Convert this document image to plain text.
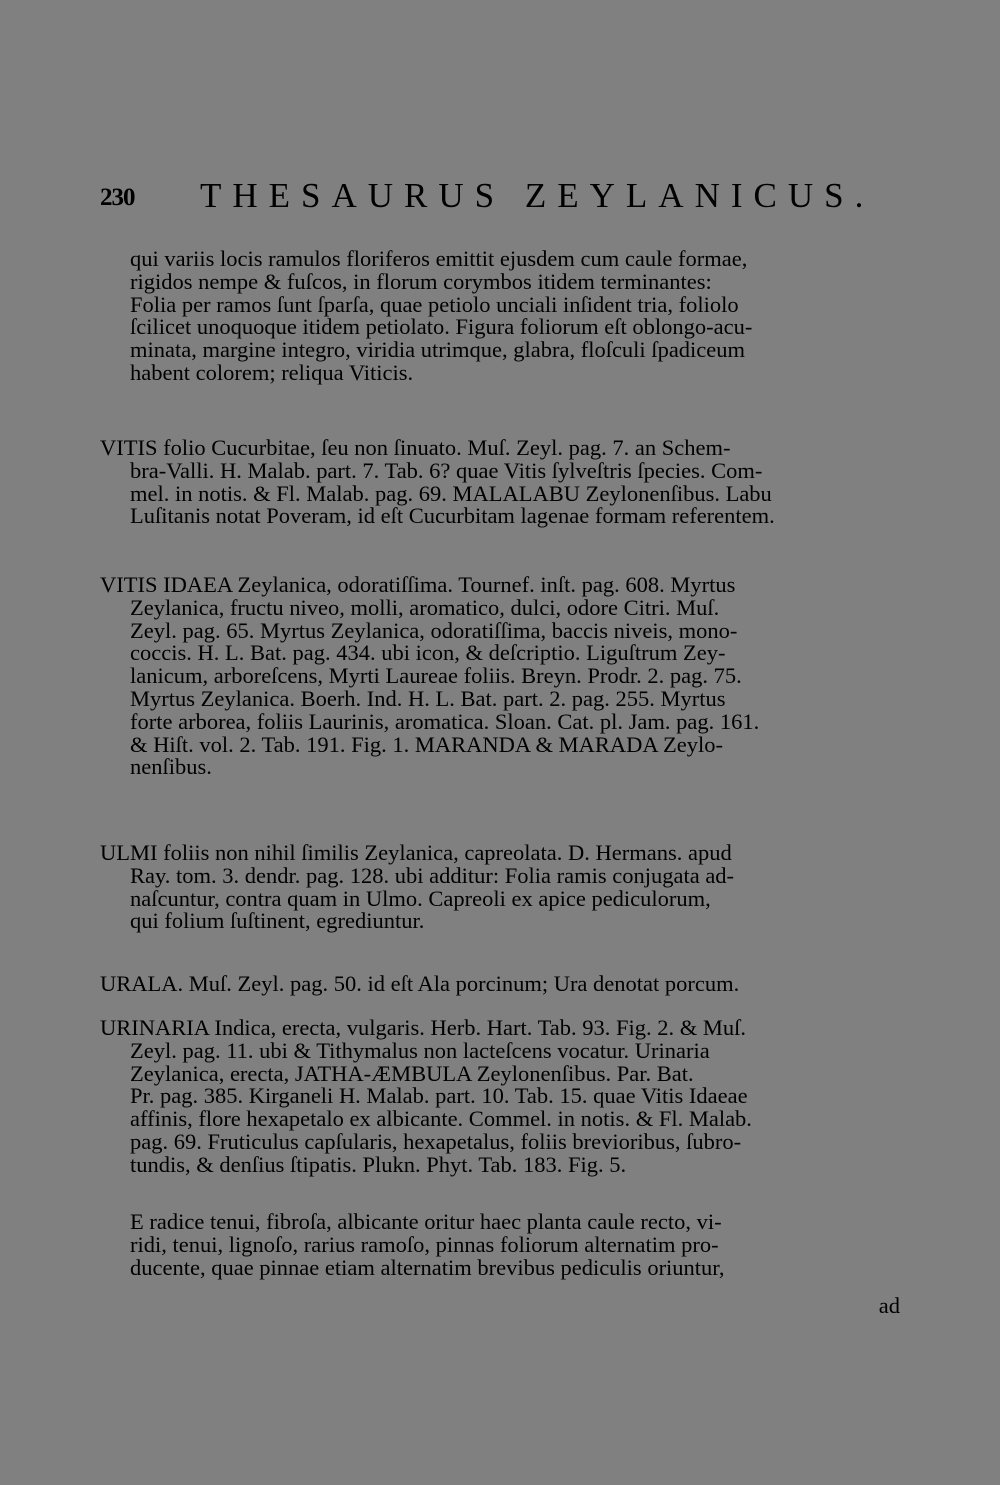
230 THESAURUS ZEYLANICUS.
qui variis locis ramulos floriferos emittit ejusdem cum caule formae,
rigidos nempe & fuſcos, in florum corymbos itidem terminantes:
Folia per ramos ſunt ſparſa, quae petiolo unciali inſident tria, foliolo
ſcilicet unoquoque itidem petiolato. Figura foliorum eſt oblongo-acu-
minata, margine integro, viridia utrimque, glabra, floſculi ſpadiceum
habent colorem; reliqua Viticis.
VITIS folio Cucurbitae, ſeu non ſinuato. Muſ. Zeyl. pag. 7. an Schem-
bra-Valli. H. Malab. part. 7. Tab. 6? quae Vitis ſylveſtris ſpecies. Com-
mel. in notis. & Fl. Malab. pag. 69. MALALABU Zeylonenſibus. Labu
Luſitanis notat Poveram, id eſt Cucurbitam lagenae formam referentem.
VITIS IDAEA Zeylanica, odoratiſſima. Tournef. inſt. pag. 608. Myrtus
Zeylanica, fructu niveo, molli, aromatico, dulci, odore Citri. Muſ.
Zeyl. pag. 65. Myrtus Zeylanica, odoratiſſima, baccis niveis, mono-
coccis. H. L. Bat. pag. 434. ubi icon, & deſcriptio. Liguſtrum Zey-
lanicum, arboreſcens, Myrti Laureae foliis. Breyn. Prodr. 2. pag. 75.
Myrtus Zeylanica. Boerh. Ind. H. L. Bat. part. 2. pag. 255. Myrtus
forte arborea, foliis Laurinis, aromatica. Sloan. Cat. pl. Jam. pag. 161.
& Hiſt. vol. 2. Tab. 191. Fig. 1. MARANDA & MARADA Zeylo-
nenſibus.
ULMI foliis non nihil ſimilis Zeylanica, capreolata. D. Hermans. apud
Ray. tom. 3. dendr. pag. 128. ubi additur: Folia ramis conjugata ad-
naſcuntur, contra quam in Ulmo. Capreoli ex apice pediculorum,
qui folium ſuſtinent, egrediuntur.
URALA. Muſ. Zeyl. pag. 50. id eſt Ala porcinum; Ura denotat porcum.
URINARIA Indica, erecta, vulgaris. Herb. Hart. Tab. 93. Fig. 2. & Muſ.
Zeyl. pag. 11. ubi & Tithymalus non lacteſcens vocatur. Urinaria
Zeylanica, erecta, JATHA-ÆMBULA Zeylonenſibus. Par. Bat.
Pr. pag. 385. Kirganeli H. Malab. part. 10. Tab. 15. quae Vitis Idaeae
affinis, flore hexapetalo ex albicante. Commel. in notis. & Fl. Malab.
pag. 69. Fruticulus capſularis, hexapetalus, foliis brevioribus, ſubro-
tundis, & denſius ſtipatis. Plukn. Phyt. Tab. 183. Fig. 5.
E radice tenui, fibroſa, albicante oritur haec planta caule recto, vi-
ridi, tenui, lignoſo, rarius ramoſo, pinnas foliorum alternatim pro-
ducente, quae pinnae etiam alternatim brevibus pediculis oriuntur,
ad
